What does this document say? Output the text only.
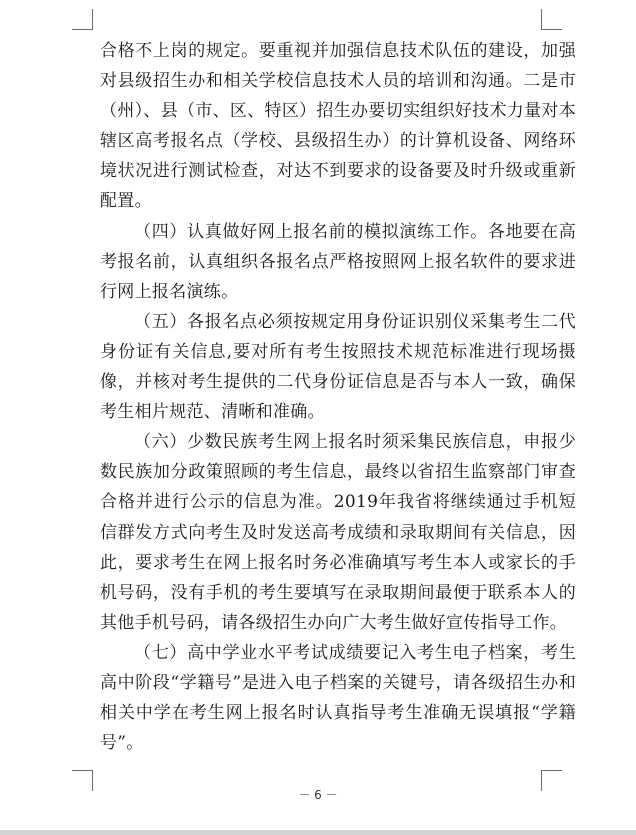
合格不上岗的规定。要重视并加强信息技术队伍的建设，加强对县级招生办和相关学校信息技术人员的培训和沟通。二是市（州）、县（市、区、特区）招生办要切实组织好技术力量对本辖区高考报名点（学校、县级招生办）的计算机设备、网络环境状况进行测试检查，对达不到要求的设备要及时升级或重新配置。

（四）认真做好网上报名前的模拟演练工作。各地要在高考报名前，认真组织各报名点严格按照网上报名软件的要求进行网上报名演练。

（五）各报名点必须按规定用身份证识别仪采集考生二代身份证有关信息,要对所有考生按照技术规范标准进行现场摄像，并核对考生提供的二代身份证信息是否与本人一致，确保考生相片规范、清晰和准确。

（六）少数民族考生网上报名时须采集民族信息，申报少数民族加分政策照顾的考生信息，最终以省招生监察部门审查合格并进行公示的信息为准。2019年我省将继续通过手机短信群发方式向考生及时发送高考成绩和录取期间有关信息，因此，要求考生在网上报名时务必准确填写考生本人或家长的手机号码，没有手机的考生要填写在录取期间最便于联系本人的其他手机号码，请各级招生办向广大考生做好宣传指导工作。

（七）高中学业水平考试成绩要记入考生电子档案，考生高中阶段“学籍号”是进入电子档案的关键号，请各级招生办和相关中学在考生网上报名时认真指导考生准确无误填报“学籍号”。

－ 6 －
